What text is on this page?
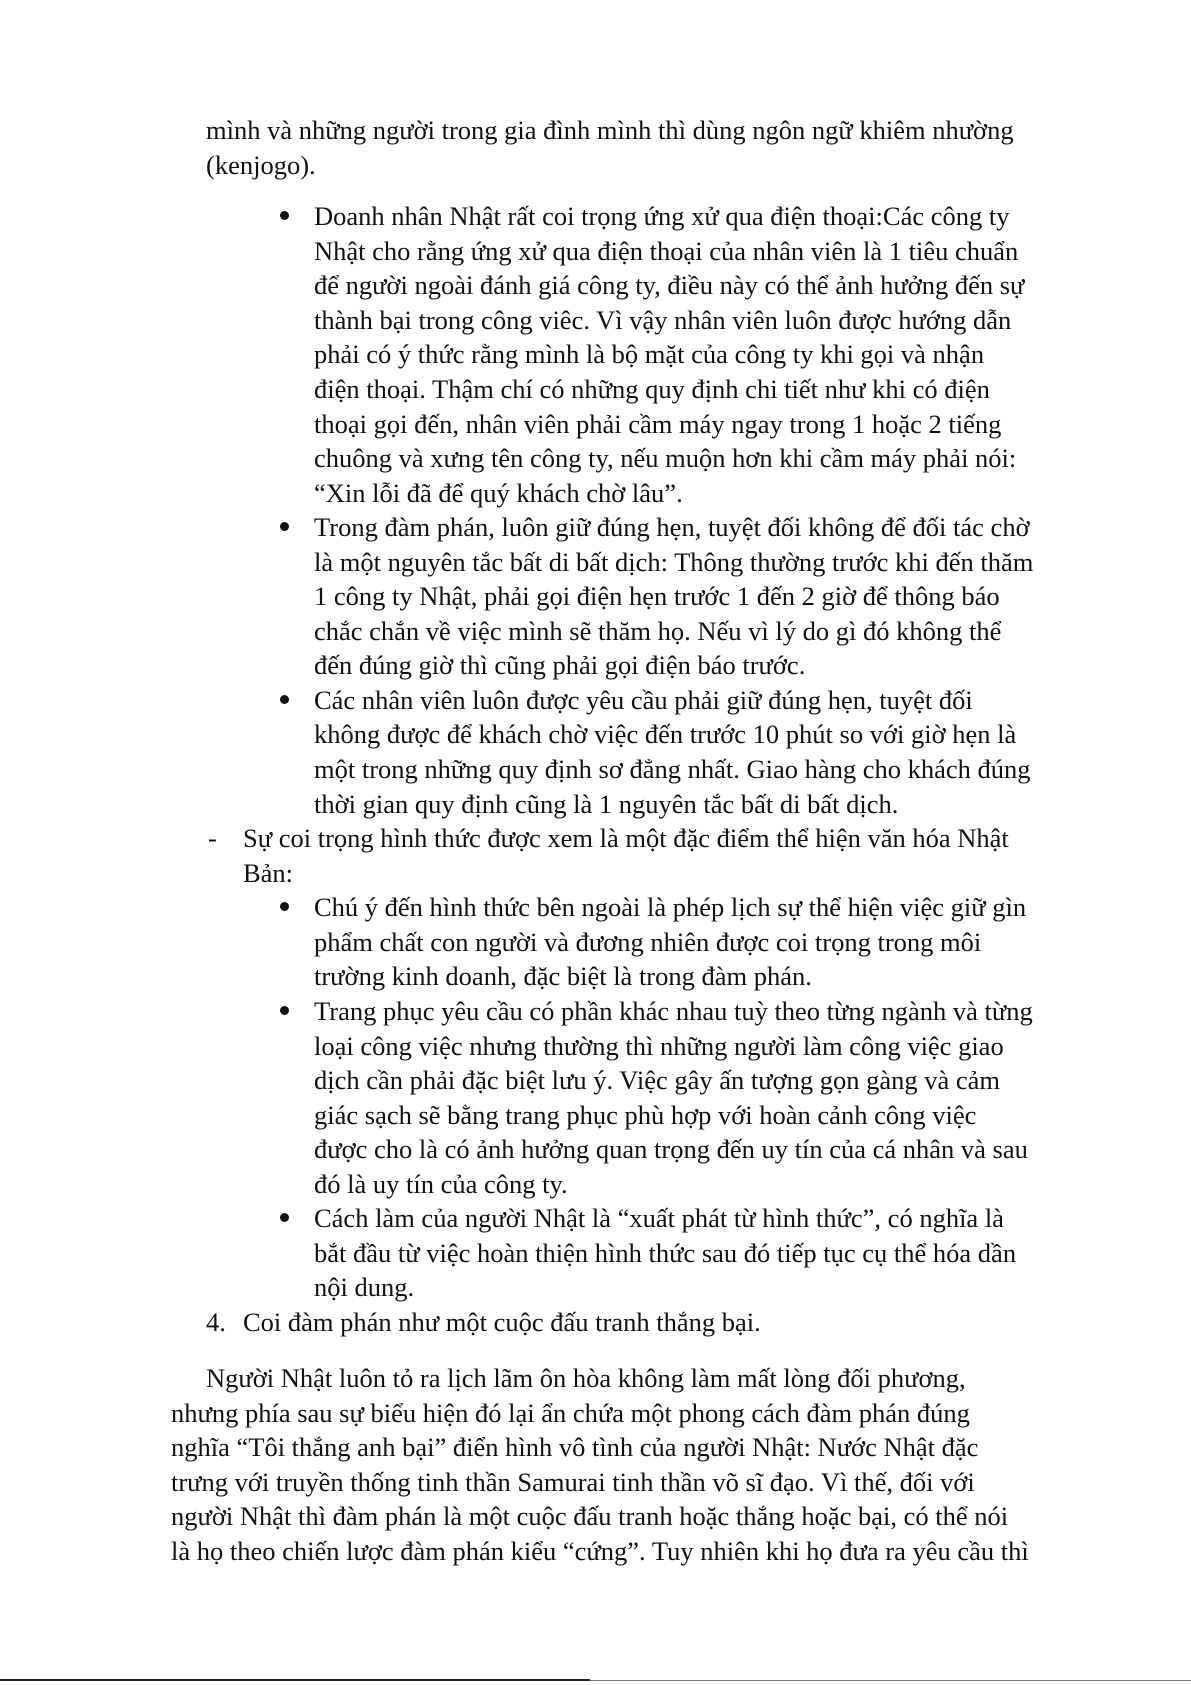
mình và những người trong gia đình mình thì dùng ngôn ngữ khiêm nhường
(kenjogo).
Doanh nhân Nhật rất coi trọng ứng xử qua điện thoại:Các công ty
Nhật cho rằng ứng xử qua điện thoại của nhân viên là 1 tiêu chuẩn
để người ngoài đánh giá công ty, điều này có thể ảnh hưởng đến sự
thành bại trong công viêc. Vì vậy nhân viên luôn được hướng dẫn
phải có ý thức rằng mình là bộ mặt của công ty khi gọi và nhận
điện thoại. Thậm chí có những quy định chi tiết như khi có điện
thoại gọi đến, nhân viên phải cầm máy ngay trong 1 hoặc 2 tiếng
chuông và xưng tên công ty, nếu muộn hơn khi cầm máy phải nói:
“Xin lỗi đã để quý khách chờ lâu”.
Trong đàm phán, luôn giữ đúng hẹn, tuyệt đối không để đối tác chờ
là một nguyên tắc bất di bất dịch: Thông thường trước khi đến thăm
1 công ty Nhật, phải gọi điện hẹn trước 1 đến 2 giờ để thông báo
chắc chắn về việc mình sẽ thăm họ. Nếu vì lý do gì đó không thể
đến đúng giờ thì cũng phải gọi điện báo trước.
Các nhân viên luôn được yêu cầu phải giữ đúng hẹn, tuyệt đối
không được để khách chờ việc đến trước 10 phút so với giờ hẹn là
một trong những quy định sơ đẳng nhất. Giao hàng cho khách đúng
thời gian quy định cũng là 1 nguyên tắc bất di bất dịch.
- Sự coi trọng hình thức được xem là một đặc điểm thể hiện văn hóa Nhật
Bản:
Chú ý đến hình thức bên ngoài là phép lịch sự thể hiện việc giữ gìn
phẩm chất con người và đương nhiên được coi trọng trong môi
trường kinh doanh, đặc biệt là trong đàm phán.
Trang phục yêu cầu có phần khác nhau tuỳ theo từng ngành và từng
loại công việc nhưng thường thì những người làm công việc giao
dịch cần phải đặc biệt lưu ý. Việc gây ấn tượng gọn gàng và cảm
giác sạch sẽ bằng trang phục phù hợp với hoàn cảnh công việc
được cho là có ảnh hưởng quan trọng đến uy tín của cá nhân và sau
đó là uy tín của công ty.
Cách làm của người Nhật là “xuất phát từ hình thức”, có nghĩa là
bắt đầu từ việc hoàn thiện hình thức sau đó tiếp tục cụ thể hóa dần
nội dung.
4. Coi đàm phán như một cuộc đấu tranh thắng bại.
Người Nhật luôn tỏ ra lịch lãm ôn hòa không làm mất lòng đối phương,
nhưng phía sau sự biểu hiện đó lại ẩn chứa một phong cách đàm phán đúng
nghĩa “Tôi thắng anh bại” điển hình vô tình của người Nhật: Nước Nhật đặc
trưng với truyền thống tinh thần Samurai tinh thần võ sĩ đạo. Vì thế, đối với
người Nhật thì đàm phán là một cuộc đấu tranh hoặc thắng hoặc bại, có thể nói
là họ theo chiến lược đàm phán kiểu “cứng”. Tuy nhiên khi họ đưa ra yêu cầu thì
